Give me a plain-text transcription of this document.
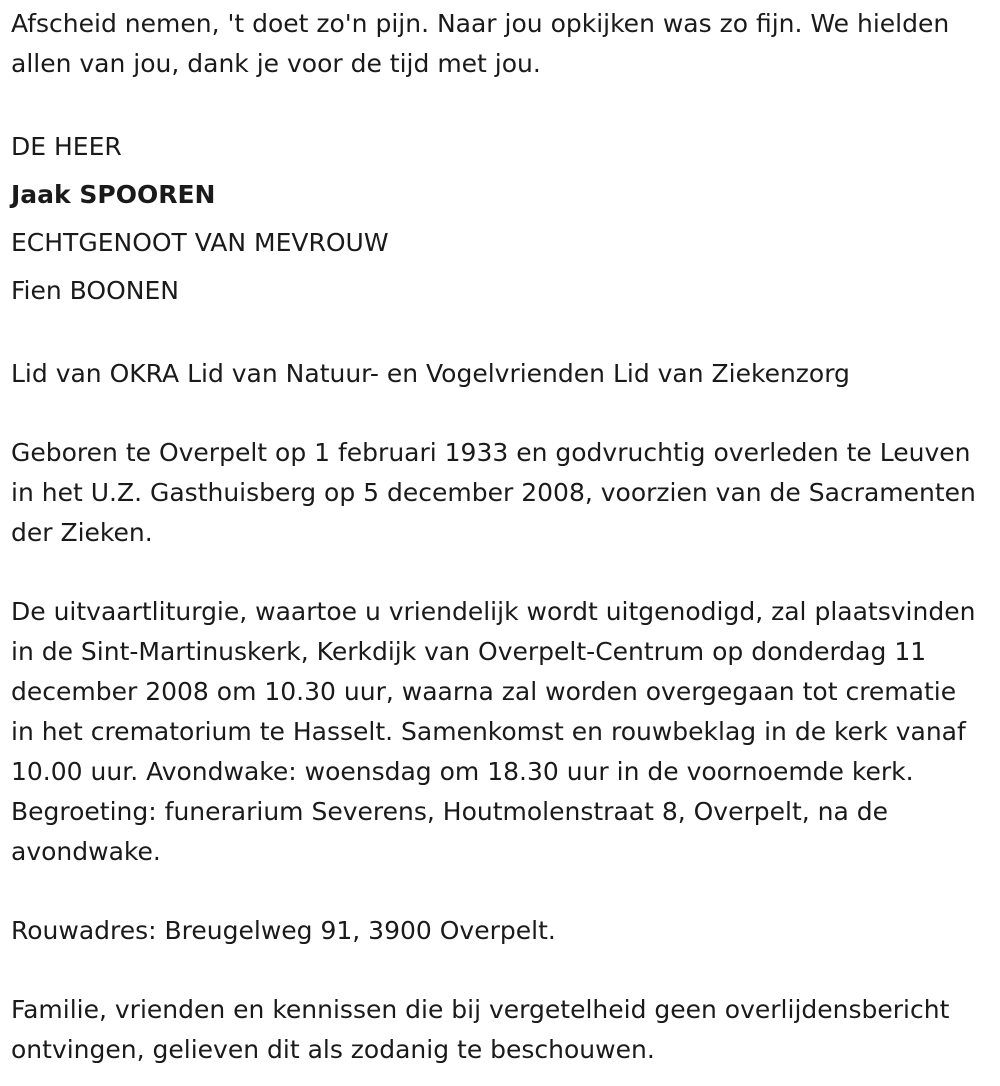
Afscheid nemen, 't doet zo'n pijn. Naar jou opkijken was zo fijn. We hielden allen van jou, dank je voor de tijd met jou.

DE HEER
Jaak SPOOREN
ECHTGENOOT VAN MEVROUW
Fien BOONEN

Lid van OKRA Lid van Natuur- en Vogelvrienden Lid van Ziekenzorg

Geboren te Overpelt op 1 februari 1933 en godvruchtig overleden te Leuven in het U.Z. Gasthuisberg op 5 december 2008, voorzien van de Sacramenten der Zieken.

De uitvaartliturgie, waartoe u vriendelijk wordt uitgenodigd, zal plaatsvinden in de Sint-Martinuskerk, Kerkdijk van Overpelt-Centrum op donderdag 11 december 2008 om 10.30 uur, waarna zal worden overgegaan tot crematie in het crematorium te Hasselt. Samenkomst en rouwbeklag in de kerk vanaf 10.00 uur. Avondwake: woensdag om 18.30 uur in de voornoemde kerk. Begroeting: funerarium Severens, Houtmolenstraat 8, Overpelt, na de avondwake.

Rouwadres: Breugelweg 91, 3900 Overpelt.

Familie, vrienden en kennissen die bij vergetelheid geen overlijdensbericht ontvingen, gelieven dit als zodanig te beschouwen.
